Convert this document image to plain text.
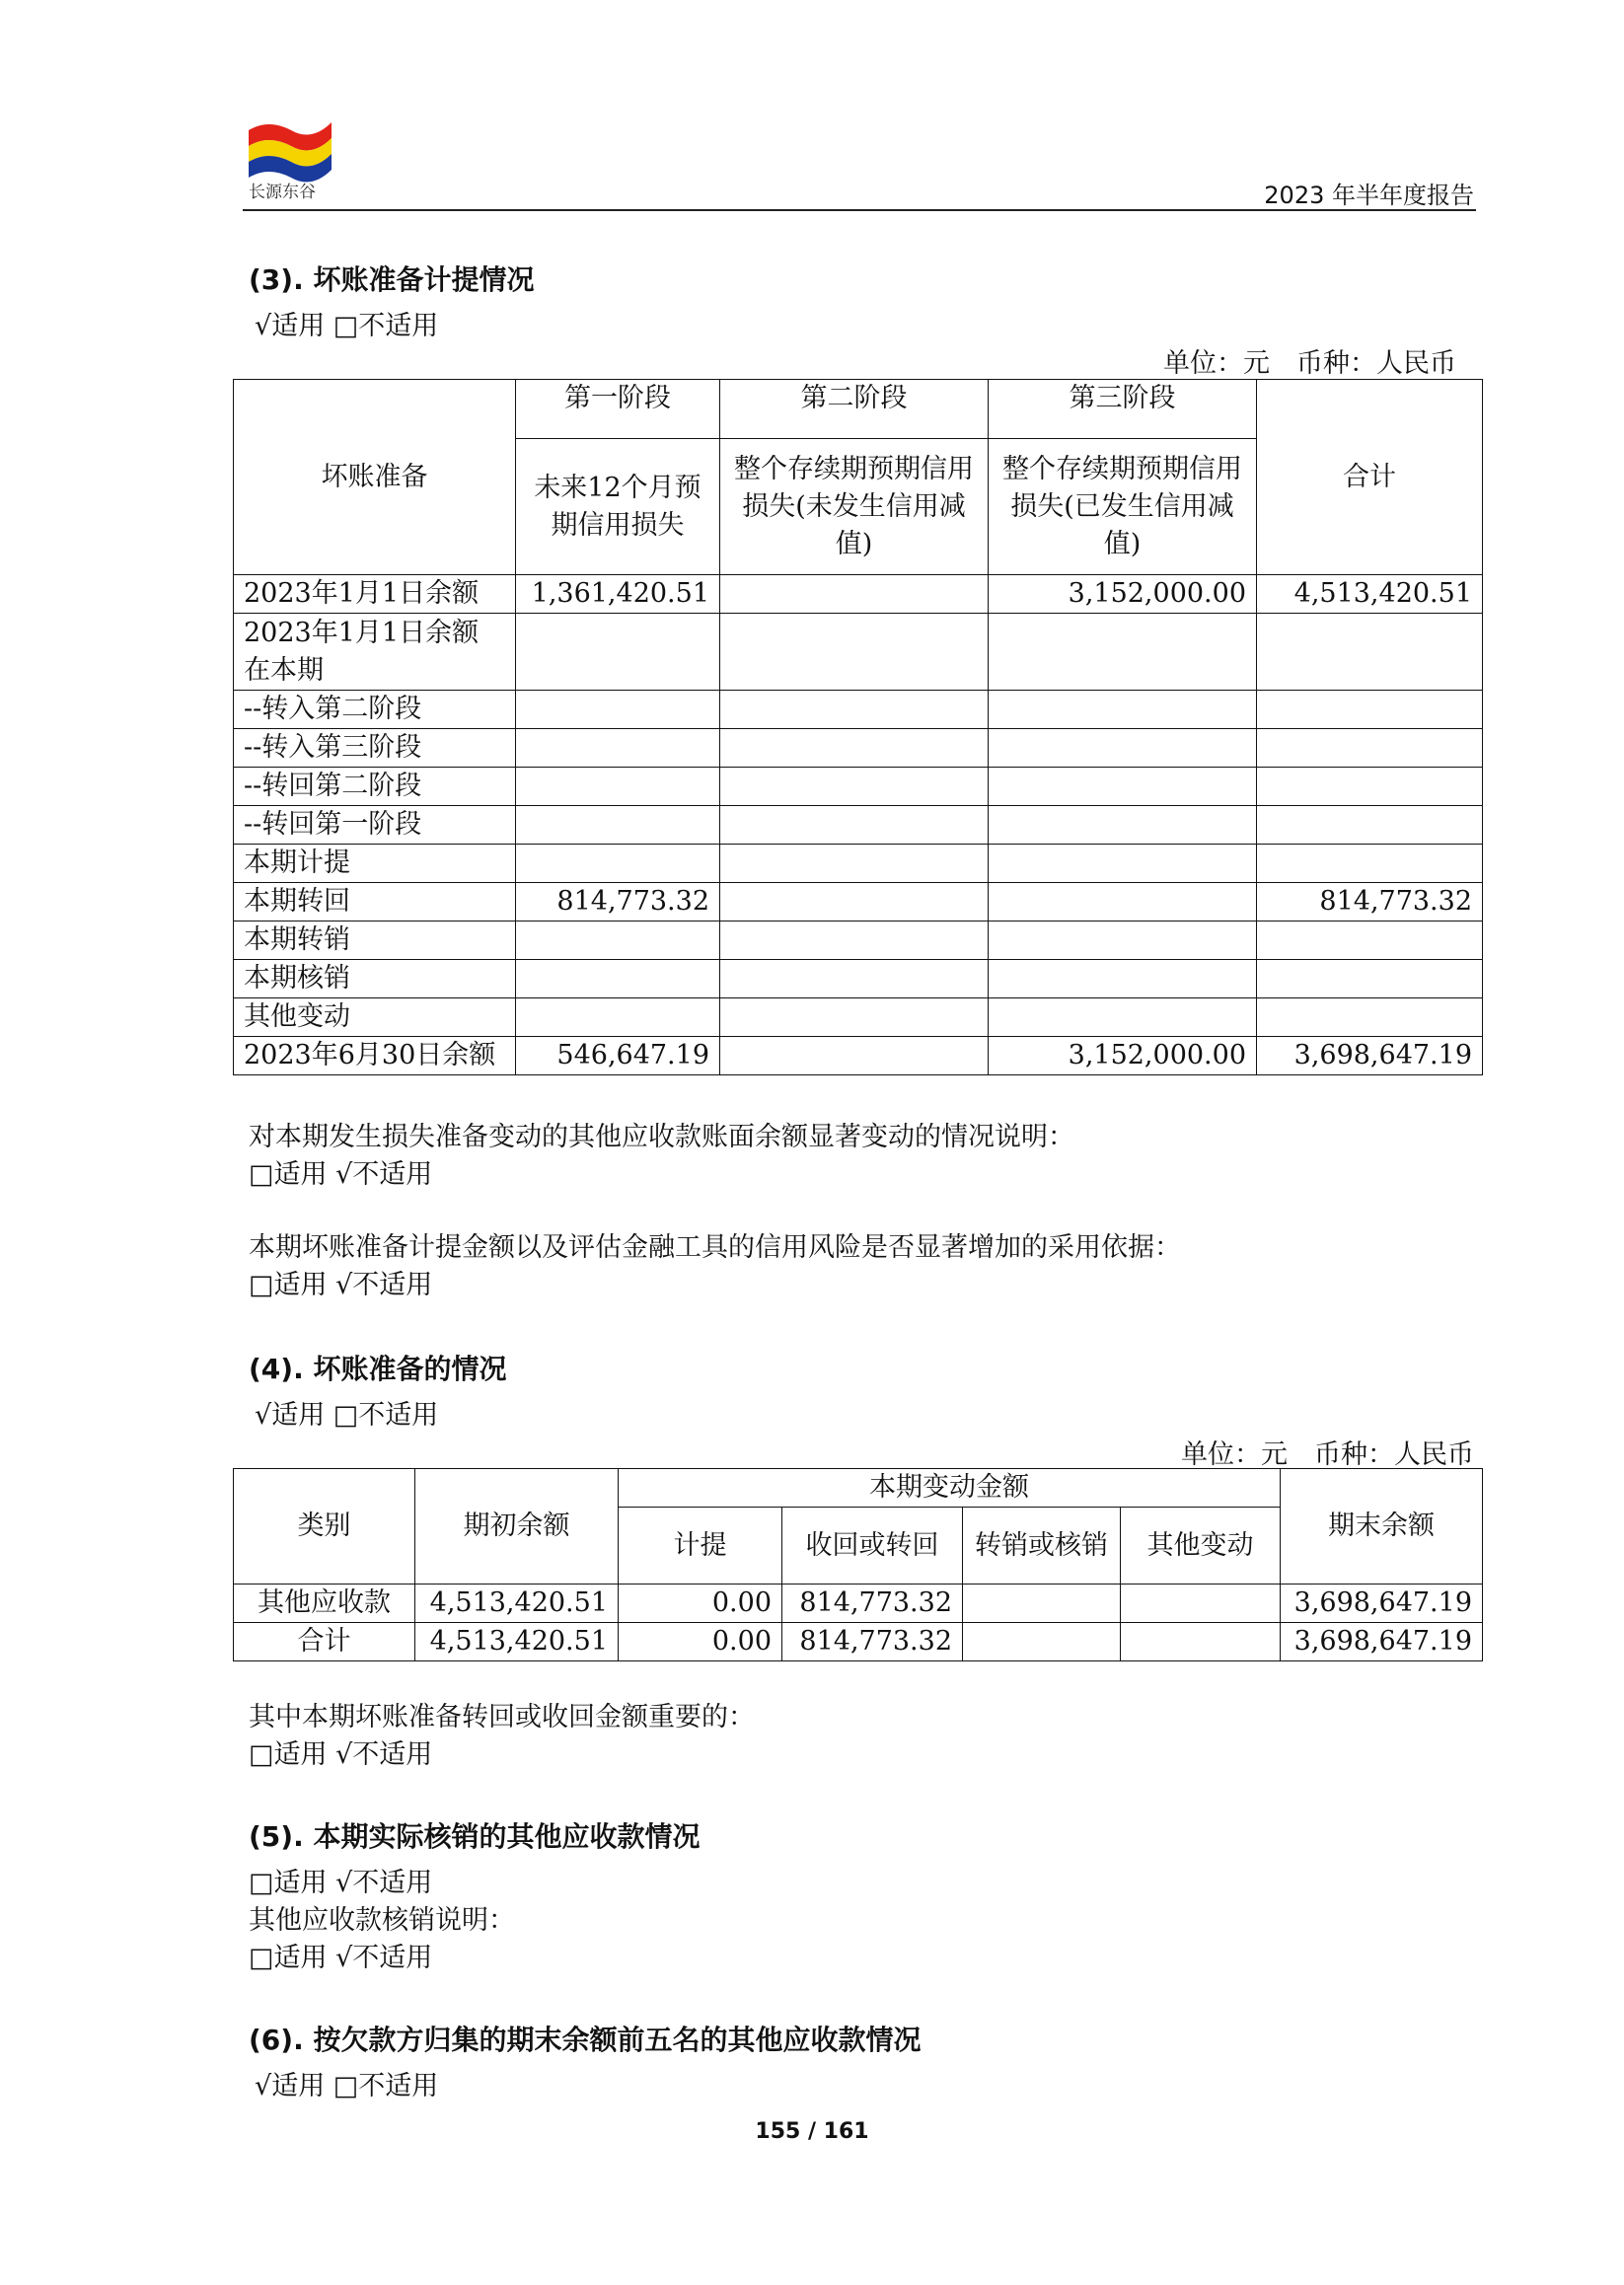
长源东谷	2023 年半年度报告
(3). 坏账准备计提情况
√适用 □不适用
单位：元　币种：人民币
坏账准备	第一阶段	第二阶段	第三阶段	合计
	未来12个月预期信用损失	整个存续期预期信用损失(未发生信用减值)	整个存续期预期信用损失(已发生信用减值)	
2023年1月1日余额	1,361,420.51		3,152,000.00	4,513,420.51
2023年1月1日余额在本期				
--转入第二阶段				
--转入第三阶段				
--转回第二阶段				
--转回第一阶段				
本期计提				
本期转回	814,773.32			814,773.32
本期转销				
本期核销				
其他变动				
2023年6月30日余额	546,647.19		3,152,000.00	3,698,647.19
对本期发生损失准备变动的其他应收款账面余额显著变动的情况说明：
□适用 √不适用
本期坏账准备计提金额以及评估金融工具的信用风险是否显著增加的采用依据：
□适用 √不适用
(4). 坏账准备的情况
√适用 □不适用
单位：元　币种：人民币
类别	期初余额	本期变动金额				期末余额
		计提	收回或转回	转销或核销	其他变动	
其他应收款	4,513,420.51	0.00	814,773.32			3,698,647.19
合计	4,513,420.51	0.00	814,773.32			3,698,647.19
其中本期坏账准备转回或收回金额重要的：
□适用 √不适用
(5). 本期实际核销的其他应收款情况
□适用 √不适用
其他应收款核销说明：
□适用 √不适用
(6). 按欠款方归集的期末余额前五名的其他应收款情况
√适用 □不适用
155 / 161
